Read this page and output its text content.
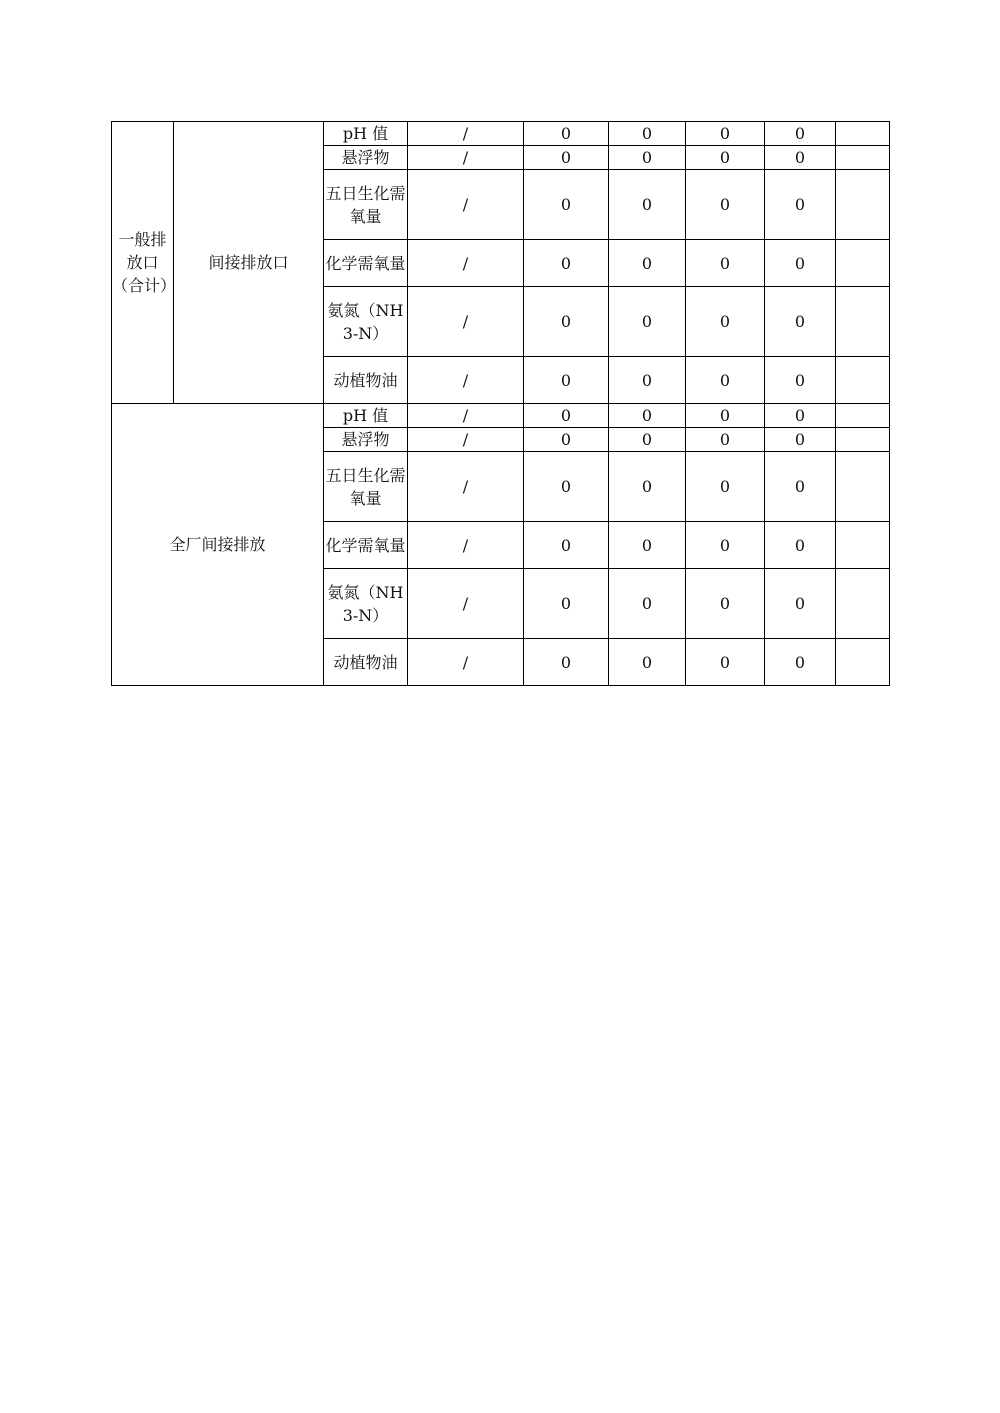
一般排放口（合计）	间接排放口	pH 值	/	0	0	0	0	
		悬浮物	/	0	0	0	0	
		五日生化需氧量	/	0	0	0	0	
		化学需氧量	/	0	0	0	0	
		氨氮（NH3-N）	/	0	0	0	0	
		动植物油	/	0	0	0	0	

全厂间接排放		pH 值	/	0	0	0	0	
		悬浮物	/	0	0	0	0	
		五日生化需氧量	/	0	0	0	0	
		化学需氧量	/	0	0	0	0	
		氨氮（NH3-N）	/	0	0	0	0	
		动植物油	/	0	0	0	0	
